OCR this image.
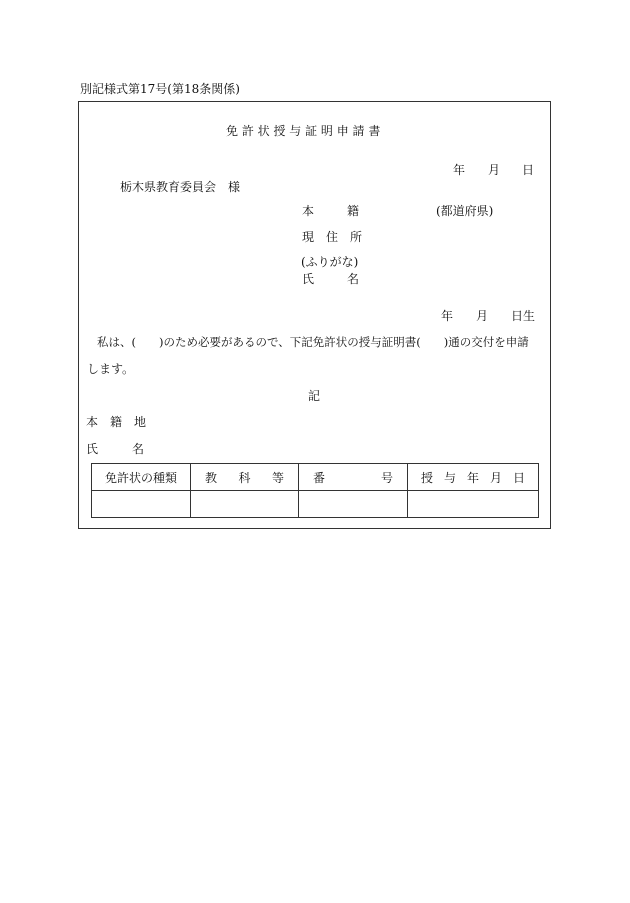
別記様式第17号(第18条関係)
免 許 状 授 与 証 明 申 請 書
年 月 日
栃木県教育委員会　様
本	籍	(都道府県)
現　住　所
(ふりがな)
氏	名
年 月 日生
私は、(　　)のため必要があるので、下記免許状の授与証明書(　　)通の交付を申請
します。
記
本　籍　地
氏	名
免許状の種類	教 科 等	番 号	授 与 年 月 日
